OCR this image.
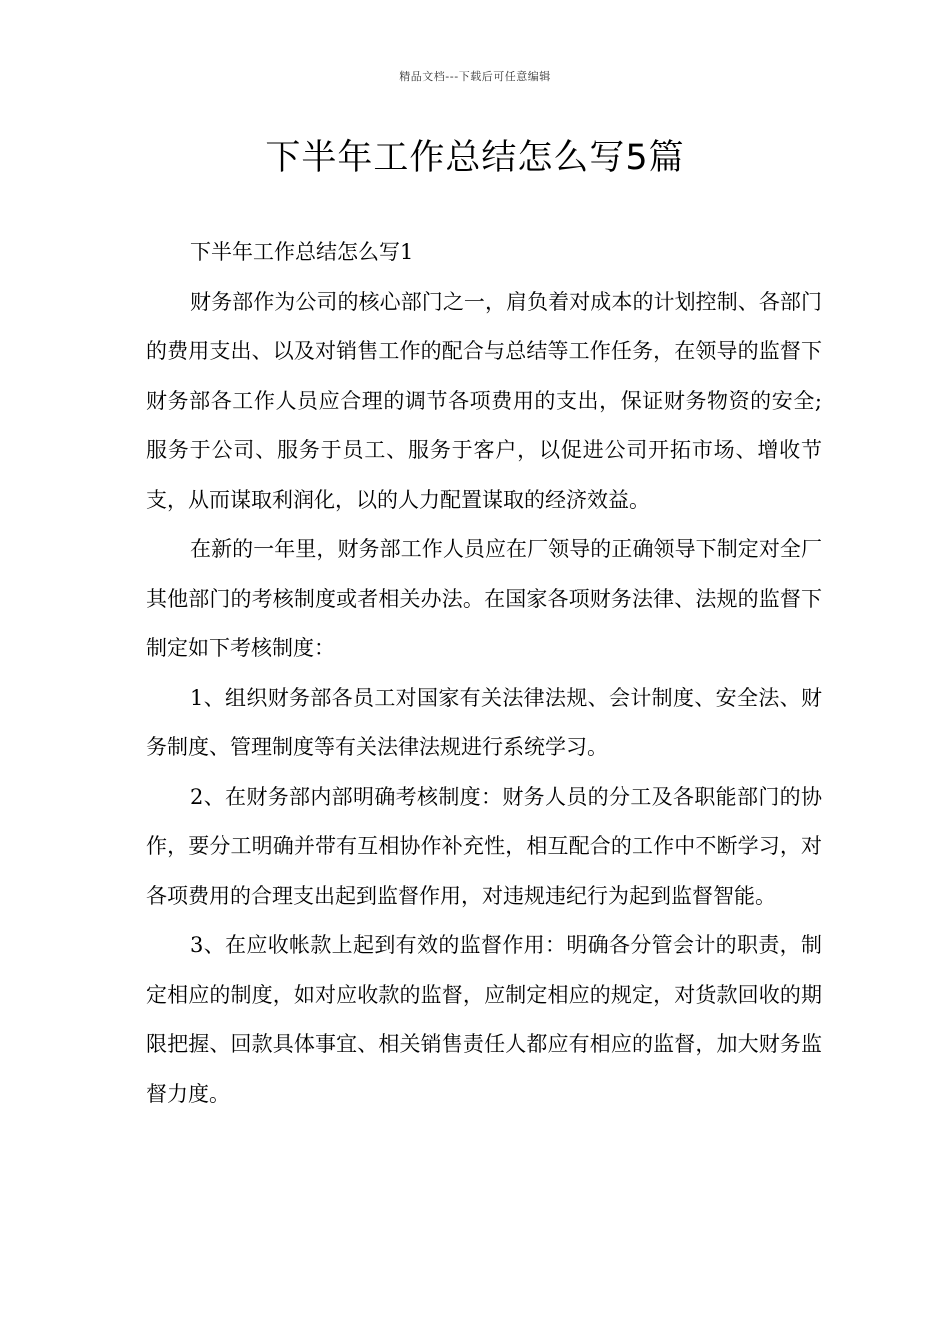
精品文档---下载后可任意编辑
下半年工作总结怎么写5篇

下半年工作总结怎么写1

财务部作为公司的核心部门之一，肩负着对成本的计划控制、各部门的费用支出、以及对销售工作的配合与总结等工作任务，在领导的监督下财务部各工作人员应合理的调节各项费用的支出，保证财务物资的安全;服务于公司、服务于员工、服务于客户，以促进公司开拓市场、增收节支，从而谋取利润化，以的人力配置谋取的经济效益。

在新的一年里，财务部工作人员应在厂领导的正确领导下制定对全厂其他部门的考核制度或者相关办法。在国家各项财务法律、法规的监督下制定如下考核制度：

1、组织财务部各员工对国家有关法律法规、会计制度、安全法、财务制度、管理制度等有关法律法规进行系统学习。

2、在财务部内部明确考核制度：财务人员的分工及各职能部门的协作，要分工明确并带有互相协作补充性，相互配合的工作中不断学习，对各项费用的合理支出起到监督作用，对违规违纪行为起到监督智能。

3、在应收帐款上起到有效的监督作用：明确各分管会计的职责，制定相应的制度，如对应收款的监督，应制定相应的规定，对货款回收的期限把握、回款具体事宜、相关销售责任人都应有相应的监督，加大财务监督力度。
